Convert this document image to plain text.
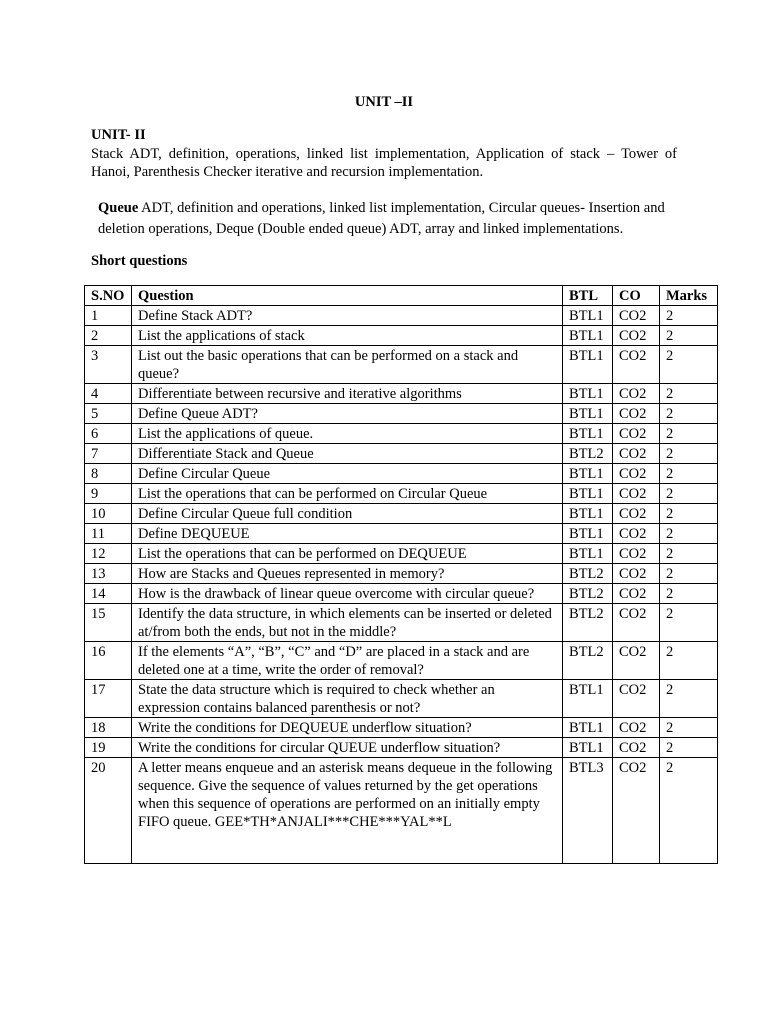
UNIT –II
UNIT- II
Stack ADT, definition, operations, linked list implementation, Application of stack – Tower of Hanoi, Parenthesis Checker iterative and recursion implementation.
Queue ADT, definition and operations, linked list implementation, Circular queues- Insertion and deletion operations, Deque (Double ended queue) ADT, array and linked implementations.
Short questions
S.NO	Question	BTL	CO	Marks
1	Define Stack ADT?	BTL1	CO2	2
2	List the applications of stack	BTL1	CO2	2
3	List out the basic operations that can be performed on a stack and queue?	BTL1	CO2	2
4	Differentiate between recursive and iterative algorithms	BTL1	CO2	2
5	Define Queue ADT?	BTL1	CO2	2
6	List the applications of queue.	BTL1	CO2	2
7	Differentiate Stack and Queue	BTL2	CO2	2
8	Define Circular Queue	BTL1	CO2	2
9	List the operations that can be performed on Circular Queue	BTL1	CO2	2
10	Define Circular Queue full condition	BTL1	CO2	2
11	Define DEQUEUE	BTL1	CO2	2
12	List the operations that can be performed on DEQUEUE	BTL1	CO2	2
13	How are Stacks and Queues represented in memory?	BTL2	CO2	2
14	How is the drawback of linear queue overcome with circular queue?	BTL2	CO2	2
15	Identify the data structure, in which elements can be inserted or deleted at/from both the ends, but not in the middle?	BTL2	CO2	2
16	If the elements “A”, “B”, “C” and “D” are placed in a stack and are deleted one at a time, write the order of removal?	BTL2	CO2	2
17	State the data structure which is required to check whether an expression contains balanced parenthesis or not?	BTL1	CO2	2
18	Write the conditions for DEQUEUE underflow situation?	BTL1	CO2	2
19	Write the conditions for circular QUEUE underflow situation?	BTL1	CO2	2
20	A letter means enqueue and an asterisk means dequeue in the following sequence. Give the sequence of values returned by the get operations when this sequence of operations are performed on an initially empty FIFO queue. GEE*TH*ANJALI***CHE***YAL**L	BTL3	CO2	2
